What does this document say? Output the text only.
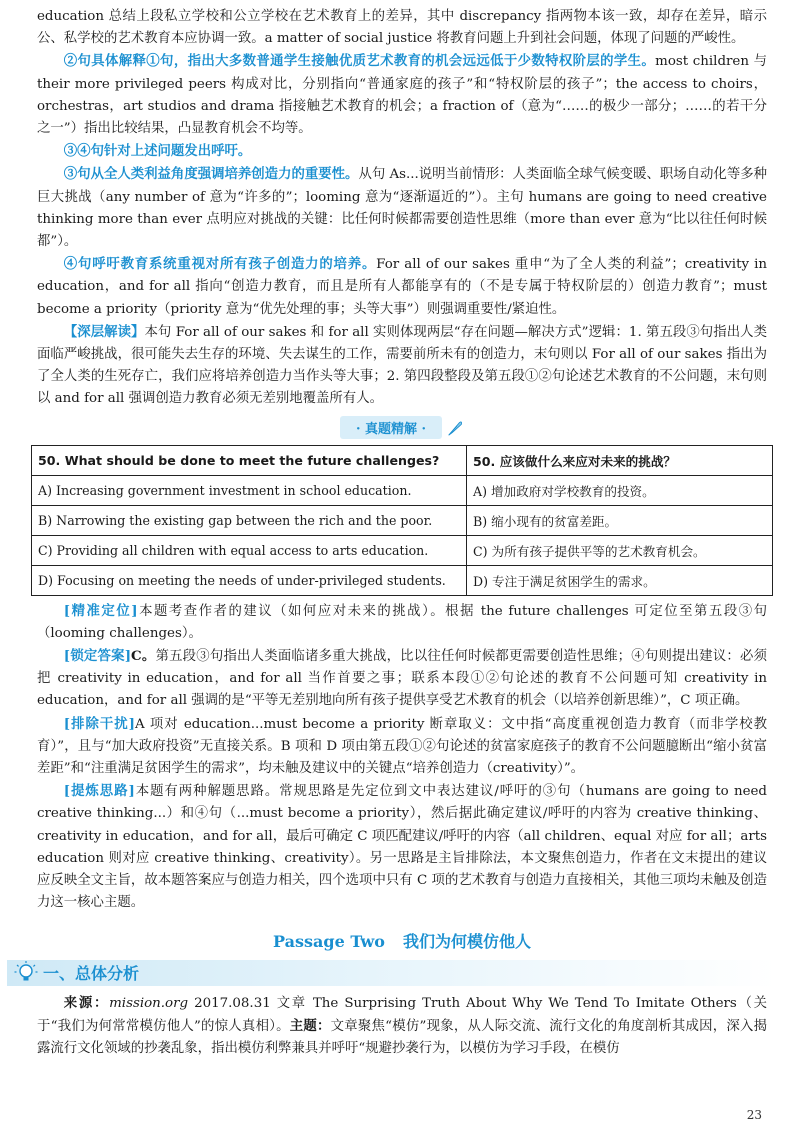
education 总结上段私立学校和公立学校在艺术教育上的差异，其中 discrepancy 指两物本该一致，却存在差异，暗示公、私学校的艺术教育本应协调一致。a matter of social justice 将教育问题上升到社会问题，体现了问题的严峻性。

②句具体解释①句，指出大多数普通学生接触优质艺术教育的机会远远低于少数特权阶层的学生。most children 与 their more privileged peers 构成对比，分别指向“普通家庭的孩子”和“特权阶层的孩子”；the access to choirs，orchestras，art studios and drama 指接触艺术教育的机会；a fraction of（意为“……的极少一部分；……的若干分之一”）指出比较结果，凸显教育机会不均等。

③④句针对上述问题发出呼吁。

③句从全人类利益角度强调培养创造力的重要性。从句 As...说明当前情形：人类面临全球气候变暖、职场自动化等多种巨大挑战（any number of 意为“许多的”；looming 意为“逐渐逼近的”）。主句 humans are going to need creative thinking more than ever 点明应对挑战的关键：比任何时候都需要创造性思维（more than ever 意为“比以往任何时候都”）。

④句呼吁教育系统重视对所有孩子创造力的培养。For all of our sakes 重申“为了全人类的利益”；creativity in education，and for all 指向“创造力教育，而且是所有人都能享有的（不是专属于特权阶层的）创造力教育”；must become a priority（priority 意为“优先处理的事；头等大事”）则强调重要性/紧迫性。

【深层解读】本句 For all of our sakes 和 for all 实则体现两层“存在问题—解决方式”逻辑：1. 第五段③句指出人类面临严峻挑战，很可能失去生存的环境、失去谋生的工作，需要前所未有的创造力，末句则以 For all of our sakes 指出为了全人类的生死存亡，我们应将培养创造力当作头等大事；2. 第四段整段及第五段①②句论述艺术教育的不公问题，末句则以 and for all 强调创造力教育必须无差别地覆盖所有人。

· 真题精解 ·
50. What should be done to meet the future challenges?	50. 应该做什么来应对未来的挑战？
A) Increasing government investment in school education.	A) 增加政府对学校教育的投资。
B) Narrowing the existing gap between the rich and the poor.	B) 缩小现有的贫富差距。
C) Providing all children with equal access to arts education.	C) 为所有孩子提供平等的艺术教育机会。
D) Focusing on meeting the needs of under-privileged students.	D) 专注于满足贫困学生的需求。

[精准定位]本题考查作者的建议（如何应对未来的挑战）。根据 the future challenges 可定位至第五段③句（looming challenges）。

[锁定答案]C。第五段③句指出人类面临诸多重大挑战，比以往任何时候都更需要创造性思维；④句则提出建议：必须把 creativity in education，and for all 当作首要之事；联系本段①②句论述的教育不公问题可知 creativity in education，and for all 强调的是“平等无差别地向所有孩子提供享受艺术教育的机会（以培养创新思维）”，C 项正确。

[排除干扰]A 项对 education...must become a priority 断章取义：文中指“高度重视创造力教育（而非学校教育）”，且与“加大政府投资”无直接关系。B 项和 D 项由第五段①②句论述的贫富家庭孩子的教育不公问题臆断出“缩小贫富差距”和“注重满足贫困学生的需求”，均未触及建议中的关键点“培养创造力（creativity）”。

[提炼思路]本题有两种解题思路。常规思路是先定位到文中表达建议/呼吁的③句（humans are going to need creative thinking...）和④句（...must become a priority），然后据此确定建议/呼吁的内容为 creative thinking、creativity in education，and for all，最后可确定 C 项匹配建议/呼吁的内容（all children、equal 对应 for all；arts education 则对应 creative thinking、creativity）。另一思路是主旨排除法，本文聚焦创造力，作者在文末提出的建议应反映全文主旨，故本题答案应与创造力相关，四个选项中只有 C 项的艺术教育与创造力直接相关，其他三项均未触及创造力这一核心主题。

Passage Two 我们为何模仿他人
一、总体分析

来源：mission.org 2017.08.31 文章 The Surprising Truth About Why We Tend To Imitate Others（关于“我们为何常常模仿他人”的惊人真相）。主题：文章聚焦“模仿”现象，从人际交流、流行文化的角度剖析其成因，深入揭露流行文化领域的抄袭乱象，指出模仿利弊兼具并呼吁“规避抄袭行为，以模仿为学习手段，在模仿

23
